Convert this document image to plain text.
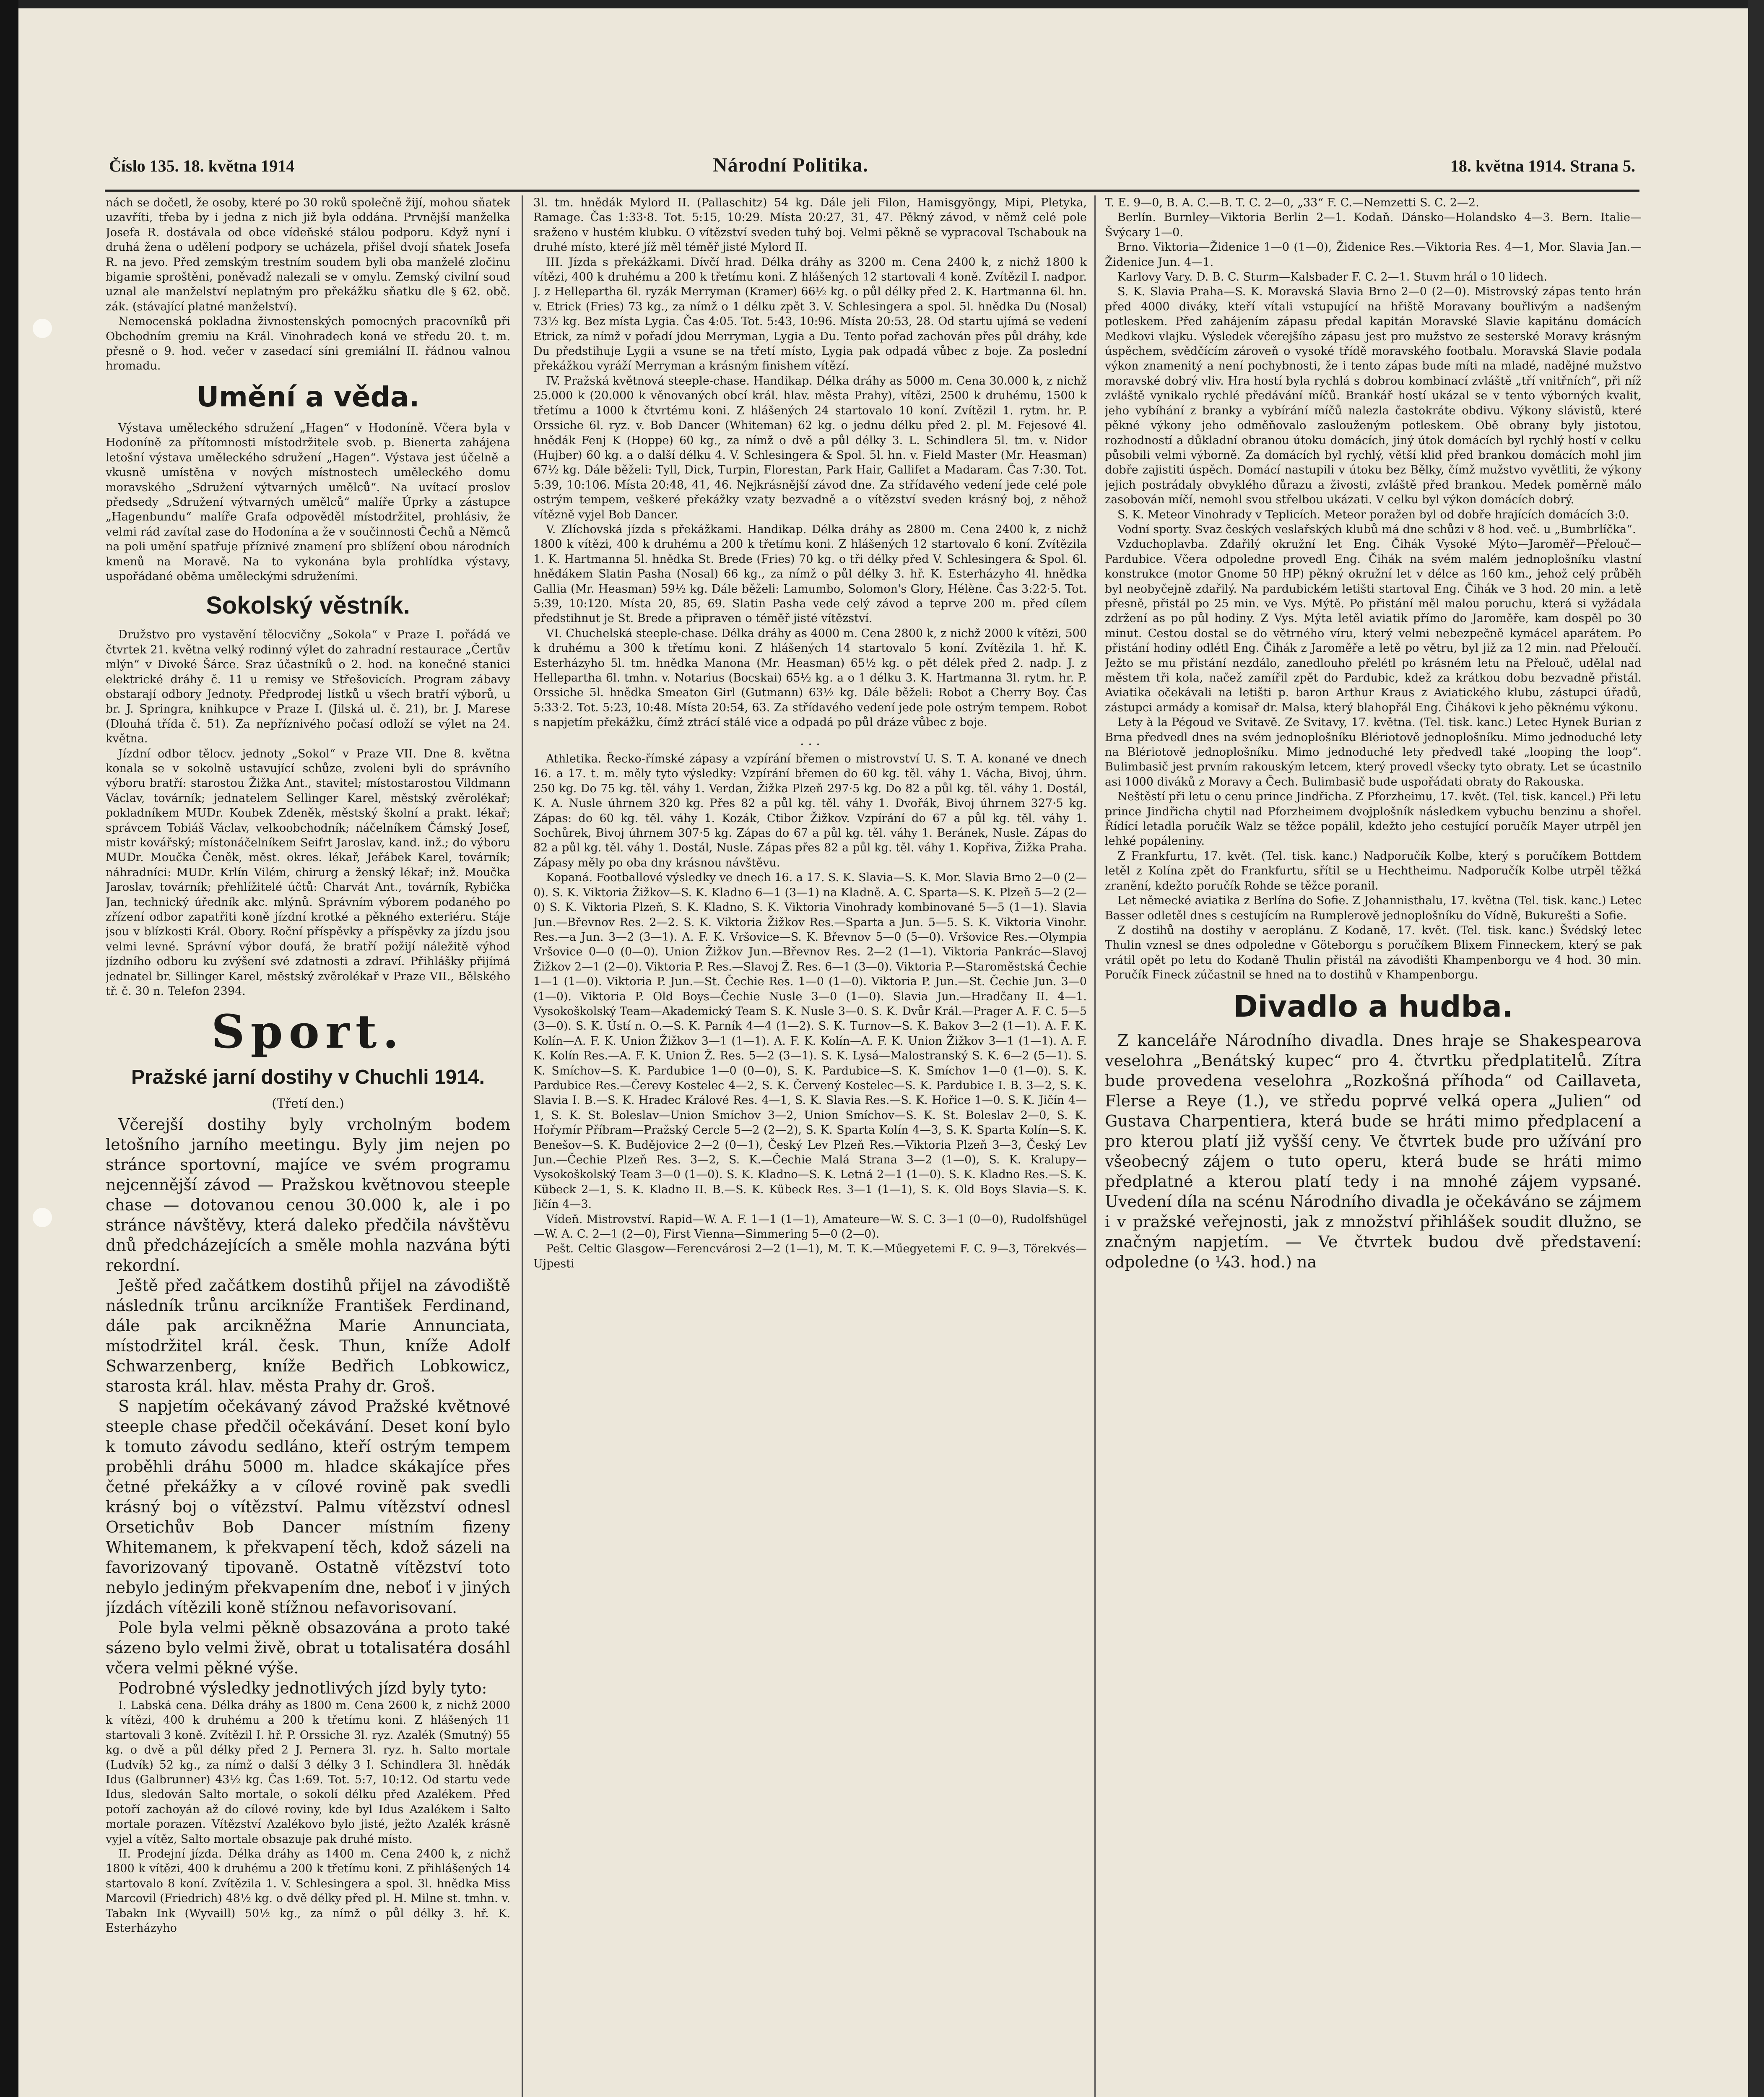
Číslo 135. 18. května 1914	Národní Politika.	18. května 1914. Strana 5.

nách se dočetl, že osoby, které po 30 roků společně žijí, mohou sňatek uzavříti, třeba by i jedna z nich již byla oddána. Prvnější manželka Josefa R. dostávala od obce vídeňské stálou podporu. Když nyní i druhá žena o udělení podpory se ucházela, přišel dvojí sňatek Josefa R. na jevo. Před zemským trestním soudem byli oba manželé zločinu bigamie sproštěni, poněvadž nalezali se v omylu. Zemský civilní soud uznal ale manželství neplatným pro překážku sňatku dle § 62. obč. zák. (stávající platné manželství).

Nemocenská pokladna živnostenských pomocných pracovníků při Obchodním gremiu na Král. Vinohradech koná ve středu 20. t. m. přesně o 9. hod. večer v zasedací síni gremiální II. řádnou valnou hromadu.

Umění a věda.

Výstava uměleckého sdružení „Hagen“ v Hodoníně. Včera byla v Hodoníně za přítomnosti místodržitele svob. p. Bienerta zahájena letošní výstava uměleckého sdružení „Hagen“. Výstava jest účelně a vkusně umístěna v nových místnostech uměleckého domu moravského „Sdružení výtvarných umělců“. Na uvítací proslov předsedy „Sdružení výtvarných umělců“ malíře Úprky a zástupce „Hagenbundu“ malíře Grafa odpověděl místodržitel, prohlásiv, že velmi rád zavítal zase do Hodonína a že v součinnosti Čechů a Němců na poli umění spatřuje příznivé znamení pro sblížení obou národních kmenů na Moravě. Na to vykonána byla prohlídka výstavy, uspořádané oběma uměleckými sdruženími.

Sokolský věstník.

Družstvo pro vystavění tělocvičny „Sokola“ v Praze I. pořádá ve čtvrtek 21. května velký rodinný výlet do zahradní restaurace „Čertův mlýn“ v Divoké Šárce. Sraz účastníků o 2. hod. na konečné stanici elektrické dráhy č. 11 u remisy ve Střešovicích. Program zábavy obstarají odbory Jednoty. Předprodej lístků u všech bratří výborů, u br. J. Springra, knihkupce v Praze I. (Jilská ul. č. 21), br. J. Marese (Dlouhá třída č. 51). Za nepříznivého počasí odloží se výlet na 24. května.

Jízdní odbor tělocv. jednoty „Sokol“ v Praze VII. Dne 8. května konala se v sokolně ustavující schůze, zvoleni byli do správního výboru bratří: starostou Žižka Ant., stavitel; místostarostou Vildmann Václav, továrník; jednatelem Sellinger Karel, městský zvěrolékař; pokladníkem MUDr. Koubek Zdeněk, městský školní a prakt. lékař; správcem Tobiáš Václav, velkoobchodník; náčelníkem Čámský Josef, mistr kovářský; místonáčelníkem Seifrt Jaroslav, kand. inž.; do výboru MUDr. Moučka Čeněk, měst. okres. lékař, Jeřábek Karel, továrník; náhradníci: MUDr. Krlín Vilém, chirurg a ženský lékař; inž. Moučka Jaroslav, továrník; přehlížitelé účtů: Charvát Ant., továrník, Rybička Jan, technický úředník akc. mlýnů. Správním výborem podaného po zřízení odbor zapatřiti koně jízdní krotké a pěkného exteriéru. Stáje jsou v blízkosti Král. Obory. Roční příspěvky a příspěvky za jízdu jsou velmi levné. Správní výbor doufá, že bratří požijí náležitě výhod jízdního odboru ku zvýšení své zdatnosti a zdraví. Přihlášky přijímá jednatel br. Sillinger Karel, městský zvěrolékař v Praze VII., Bělského tř. č. 30 n. Telefon 2394.

Sport.
Pražské jarní dostihy v Chuchli 1914.
(Třetí den.)

Včerejší dostihy byly vrcholným bodem letošního jarního meetingu. Byly jim nejen po stránce sportovní, majíce ve svém programu nejcennější závod — Pražskou květnovou steeple chase — dotovanou cenou 30.000 k, ale i po stránce návštěvy, která daleko předčila návštěvu dnů předcházejících a směle mohla nazvána býti rekordní.

Ještě před začátkem dostihů přijel na závodiště následník trůnu arcikníže František Ferdinand, dále pak arcikněžna Marie Annunciata, místodržitel král. česk. Thun, kníže Adolf Schwarzenberg, kníže Bedřich Lobkowicz, starosta král. hlav. města Prahy dr. Groš.

S napjetím očekávaný závod Pražské květnové steeple chase předčil očekávání. Deset koní bylo k tomuto závodu sedláno, kteří ostrým tempem proběhli dráhu 5000 m. hladce skákajíce přes četné překážky a v cílové rovině pak svedli krásný boj o vítězství. Palmu vítězství odnesl Orsetichův Bob Dancer místním fizeny Whitemanem, k překvapení těch, kdož sázeli na favorizovaný tipovaně. Ostatně vítězství toto nebylo jediným překvapením dne, neboť i v jiných jízdách vítězili koně stížnou nefavorisovaní.

Pole byla velmi pěkně obsazována a proto také sázeno bylo velmi živě, obrat u totalisatéra dosáhl včera velmi pěkné výše.

Podrobné výsledky jednotlivých jízd byly tyto:

I. Labská cena. Délka dráhy as 1800 m. Cena 2600 k, z nichž 2000 k vítězi, 400 k druhému a 200 k třetímu koni. Z hlášených 11 startovali 3 koně. Zvítězil I. hř. P. Orssiche 3l. ryz. Azalék (Smutný) 55 kg. o dvě a půl délky před 2 J. Pernera 3l. ryz. h. Salto mortale (Ludvík) 52 kg., za nímž o další 3 délky 3 I. Schindlera 3l. hnědák Idus (Galbrunner) 43½ kg. Čas 1:69. Tot. 5:7, 10:12. Od startu vede Idus, sledován Salto mortale, o sokolí délku před Azalékem. Před potoří zachoyán až do cílové roviny, kde byl Idus Azalékem i Salto mortale porazen. Vítězství Azalékovo bylo jisté, ježto Azalék krásně vyjel a vítěz, Salto mortale obsazuje pak druhé místo.

II. Prodejní jízda. Délka dráhy as 1400 m. Cena 2400 k, z nichž 1800 k vítězi, 400 k druhému a 200 k třetímu koni. Z přihlášených 14 startovalo 8 koní. Zvítězila 1. V. Schlesingera a spol. 3l. hnědka Miss Marcovil (Friedrich) 48½ kg. o dvě délky před pl. H. Milne st. tmhn. v. Tabakn Ink (Wyvaill) 50½ kg., za nímž o půl délky 3. hř. K. Esterházyho

3l. tm. hnědák Mylord II. (Pallaschitz) 54 kg. Dále jeli Filon, Hamisgyöngy, Mipi, Pletyka, Ramage. Čas 1:33·8. Tot. 5:15, 10:29. Místa 20:27, 31, 47. Pěkný závod, v němž celé pole sraženo v hustém klubku. O vítězství sveden tuhý boj. Velmi pěkně se vypracoval Tschabouk na druhé místo, které jíž měl téměř jisté Mylord II.

III. Jízda s překážkami. Dívčí hrad. Délka dráhy as 3200 m. Cena 2400 k, z nichž 1800 k vítězi, 400 k druhému a 200 k třetímu koni. Z hlášených 12 startovali 4 koně. Zvítězil I. nadpor. J. z Hellepartha 6l. ryzák Merryman (Kramer) 66½ kg. o půl délky před 2. K. Hartmanna 6l. hn. v. Etrick (Fries) 73 kg., za nímž o 1 délku zpět 3. V. Schlesingera a spol. 5l. hnědka Du (Nosal) 73½ kg. Bez místa Lygia. Čas 4:05. Tot. 5:43, 10:96. Místa 20:53, 28. Od startu ujímá se vedení Etrick, za nímž v pořadí jdou Merryman, Lygia a Du. Tento pořad zachován přes půl dráhy, kde Du předstihuje Lygii a vsune se na třetí místo, Lygia pak odpadá vůbec z boje. Za poslední překážkou vyráží Merryman a krásným finishem vítězí.

IV. Pražská květnová steeple-chase. Handikap. Délka dráhy as 5000 m. Cena 30.000 k, z nichž 25.000 k (20.000 k věnovaných obcí král. hlav. města Prahy), vítězi, 2500 k druhému, 1500 k třetímu a 1000 k čtvrtému koni. Z hlášených 24 startovalo 10 koní. Zvítězil 1. rytm. hr. P. Orssiche 6l. ryz. v. Bob Dancer (Whiteman) 62 kg. o jednu délku před 2. pl. M. Fejesové 4l. hnědák Fenj K (Hoppe) 60 kg., za nímž o dvě a půl délky 3. L. Schindlera 5l. tm. v. Nidor (Hujber) 60 kg. a o další délku 4. V. Schlesingera & Spol. 5l. hn. v. Field Master (Mr. Heasman) 67½ kg. Dále běželi: Tyll, Dick, Turpin, Florestan, Park Hair, Gallifet a Madaram. Čas 7:30. Tot. 5:39, 10:106. Místa 20:48, 41, 46. Nejkrásnější závod dne. Za střídavého vedení jede celé pole ostrým tempem, veškeré překážky vzaty bezvadně a o vítězství sveden krásný boj, z něhož vítězně vyjel Bob Dancer.

V. Zlíchovská jízda s překážkami. Handikap. Délka dráhy as 2800 m. Cena 2400 k, z nichž 1800 k vítězi, 400 k druhému a 200 k třetímu koni. Z hlášených 12 startovalo 6 koní. Zvítězila 1. K. Hartmanna 5l. hnědka St. Brede (Fries) 70 kg. o tři délky před V. Schlesingera & Spol. 6l. hnědákem Slatin Pasha (Nosal) 66 kg., za nímž o půl délky 3. hř. K. Esterházyho 4l. hnědka Gallia (Mr. Heasman) 59½ kg. Dále běželi: Lamumbo, Solomon's Glory, Hélène. Čas 3:22·5. Tot. 5:39, 10:120. Místa 20, 85, 69. Slatin Pasha vede celý závod a teprve 200 m. před cílem předstihnut je St. Brede a připraven o téměř jisté vítězství.

VI. Chuchelská steeple-chase. Délka dráhy as 4000 m. Cena 2800 k, z nichž 2000 k vítězi, 500 k druhému a 300 k třetímu koni. Z hlášených 14 startovalo 5 koní. Zvítězila 1. hř. K. Esterházyho 5l. tm. hnědka Manona (Mr. Heasman) 65½ kg. o pět délek před 2. nadp. J. z Hellepartha 6l. tmhn. v. Notarius (Bocskai) 65½ kg. a o 1 délku 3. K. Hartmanna 3l. rytm. hr. P. Orssiche 5l. hnědka Smeaton Girl (Gutmann) 63½ kg. Dále běželi: Robot a Cherry Boy. Čas 5:33·2. Tot. 5:23, 10:48. Místa 20:54, 63. Za střídavého vedení jede pole ostrým tempem. Robot s napjetím překážku, čímž ztrácí stálé vice a odpadá po půl dráze vůbec z boje.

. . .

Athletika. Řecko-římské zápasy a vzpírání břemen o mistrovství U. S. T. A. konané ve dnech 16. a 17. t. m. měly tyto výsledky: Vzpírání břemen do 60 kg. těl. váhy 1. Vácha, Bivoj, úhrn. 250 kg. Do 75 kg. těl. váhy 1. Verdan, Žižka Plzeň 297·5 kg. Do 82 a půl kg. těl. váhy 1. Dostál, K. A. Nusle úhrnem 320 kg. Přes 82 a půl kg. těl. váhy 1. Dvořák, Bivoj úhrnem 327·5 kg. Zápas: do 60 kg. těl. váhy 1. Kozák, Ctibor Žižkov. Vzpírání do 67 a půl kg. těl. váhy 1. Sochůrek, Bivoj úhrnem 307·5 kg. Zápas do 67 a půl kg. těl. váhy 1. Beránek, Nusle. Zápas do 82 a půl kg. těl. váhy 1. Dostál, Nusle. Zápas přes 82 a půl kg. těl. váhy 1. Kopřiva, Žižka Praha. Zápasy měly po oba dny krásnou návštěvu.

Kopaná. Footballové výsledky ve dnech 16. a 17. S. K. Slavia—S. K. Mor. Slavia Brno 2—0 (2—0). S. K. Viktoria Žižkov—S. K. Kladno 6—1 (3—1) na Kladně. A. C. Sparta—S. K. Plzeň 5—2 (2—0) S. K. Viktoria Plzeň, S. K. Kladno, S. K. Viktoria Vinohrady kombinované 5—5 (1—1). Slavia Jun.—Břevnov Res. 2—2. S. K. Viktoria Žižkov Res.—Sparta a Jun. 5—5. S. K. Viktoria Vinohr. Res.—a Jun. 3—2 (3—1). A. F. K. Vršovice—S. K. Břevnov 5—0 (5—0). Vršovice Res.—Olympia Vršovice 0—0 (0—0). Union Žižkov Jun.—Břevnov Res. 2—2 (1—1). Viktoria Pankrác—Slavoj Žižkov 2—1 (2—0). Viktoria P. Res.—Slavoj Ž. Res. 6—1 (3—0). Viktoria P.—Staroměstská Čechie 1—1 (1—0). Viktoria P. Jun.—St. Čechie Res. 1—0 (1—0). Viktoria P. Jun.—St. Čechie Jun. 3—0 (1—0). Viktoria P. Old Boys—Čechie Nusle 3—0 (1—0). Slavia Jun.—Hradčany II. 4—1. Vysokoškolský Team—Akademický Team S. K. Nusle 3—0. S. K. Dvůr Král.—Prager A. F. C. 5—5 (3—0). S. K. Ústí n. O.—S. K. Parník 4—4 (1—2). S. K. Turnov—S. K. Bakov 3—2 (1—1). A. F. K. Kolín—A. F. K. Union Žižkov 3—1 (1—1). A. F. K. Kolín—A. F. K. Union Žižkov 3—1 (1—1). A. F. K. Kolín Res.—A. F. K. Union Ž. Res. 5—2 (3—1). S. K. Lysá—Malostranský S. K. 6—2 (5—1). S. K. Smíchov—S. K. Pardubice 1—0 (0—0), S. K. Pardubice—S. K. Smíchov 1—0 (1—0). S. K. Pardubice Res.—Čerevy Kostelec 4—2, S. K. Červený Kostelec—S. K. Pardubice I. B. 3—2, S. K. Slavia I. B.—S. K. Hradec Králové Res. 4—1, S. K. Slavia Res.—S. K. Hořice 1—0. S. K. Jičín 4—1, S. K. St. Boleslav—Union Smíchov 3—2, Union Smíchov—S. K. St. Boleslav 2—0, S. K. Hořymír Příbram—Pražský Cercle 5—2 (2—2), S. K. Sparta Kolín 4—3, S. K. Sparta Kolín—S. K. Benešov—S. K. Budějovice 2—2 (0—1), Český Lev Plzeň Res.—Viktoria Plzeň 3—3, Český Lev Jun.—Čechie Plzeň Res. 3—2, S. K.—Čechie Malá Strana 3—2 (1—0), S. K. Kralupy—Vysokoškolský Team 3—0 (1—0). S. K. Kladno—S. K. Letná 2—1 (1—0). S. K. Kladno Res.—S. K. Kübeck 2—1, S. K. Kladno II. B.—S. K. Kübeck Res. 3—1 (1—1), S. K. Old Boys Slavia—S. K. Jičín 4—3.

Vídeň. Mistrovství. Rapid—W. A. F. 1—1 (1—1), Amateure—W. S. C. 3—1 (0—0), Rudolfshügel—W. A. C. 2—1 (2—0), First Vienna—Simmering 5—0 (2—0).

Pešt. Celtic Glasgow—Ferencvárosi 2—2 (1—1), M. T. K.—Műegyetemi F. C. 9—3, Törekvés—Ujpesti

T. E. 9—0, B. A. C.—B. T. C. 2—0, „33“ F. C.—Nemzetti S. C. 2—2.

Berlín. Burnley—Viktoria Berlin 2—1. Kodaň. Dánsko—Holandsko 4—3. Bern. Italie—Švýcary 1—0.

Brno. Viktoria—Židenice 1—0 (1—0), Židenice Res.—Viktoria Res. 4—1, Mor. Slavia Jan.—Židenice Jun. 4—1.

Karlovy Vary. D. B. C. Sturm—Kalsbader F. C. 2—1. Stuvm hrál o 10 lidech.

S. K. Slavia Praha—S. K. Moravská Slavia Brno 2—0 (2—0). Mistrovský zápas tento hrán před 4000 diváky, kteří vítali vstupující na hřiště Moravany bouřlivým a nadšeným potleskem. Před zahájením zápasu předal kapitán Moravské Slavie kapitánu domácích Medkovi vlajku. Výsledek včerejšího zápasu jest pro mužstvo ze sesterské Moravy krásným úspěchem, svědčícím zároveň o vysoké třídě moravského footbalu. Moravská Slavie podala výkon znamenitý a není pochybnosti, že i tento zápas bude míti na mladé, nadějné mužstvo moravské dobrý vliv. Hra hostí byla rychlá s dobrou kombinací zvláště „tří vnitřních“, při níž zvláště vynikalo rychlé předávání míčů. Brankář hostí ukázal se v tento výborných kvalit, jeho vybíhání z branky a vybírání míčů nalezla častokráte obdivu. Výkony slávistů, které pěkné výkony jeho odměňovalo zaslouženým potleskem. Obě obrany byly jistotou, rozhodností a důkladní obranou útoku domácích, jiný útok domácích byl rychlý hostí v celku působili velmi výborně. Za domácích byl rychlý, větší klid před brankou domácích mohl jim dobře zajistiti úspěch. Domácí nastupili v útoku bez Bělky, čímž mužstvo vyvětliti, že výkony jejich postrádaly obvyklého důrazu a živosti, zvláště před brankou. Medek poměrně málo zasobován míčí, nemohl svou střelbou ukázati. V celku byl výkon domácích dobrý.

S. K. Meteor Vinohrady v Teplicích. Meteor poražen byl od dobře hrajících domácích 3:0.

Vodní sporty. Svaz českých veslařských klubů má dne schůzi v 8 hod. več. u „Bumbrlíčka“.

Vzduchoplavba. Zdařilý okružní let Eng. Čihák Vysoké Mýto—Jaroměř—Přelouč—Pardubice. Včera odpoledne provedl Eng. Čihák na svém malém jednoplošníku vlastní konstrukce (motor Gnome 50 HP) pěkný okružní let v délce as 160 km., jehož celý průběh byl neobyčejně zdařilý. Na pardubickém letišti startoval Eng. Čihák ve 3 hod. 20 min. a letě přesně, přistál po 25 min. ve Vys. Mýtě. Po přistání měl malou poruchu, která si vyžádala zdržení as po půl hodiny. Z Vys. Mýta letěl aviatik přímo do Jaroměře, kam dospěl po 30 minut. Cestou dostal se do větrného víru, který velmi nebezpečně kymácel aparátem. Po přistání hodiny odlétl Eng. Čihák z Jaroměře a letě po větru, byl již za 12 min. nad Přeloučí. Ježto se mu přistání nezdálo, zanedlouho přelétl po krásném letu na Přelouč, udělal nad městem tři kola, načež zamířil zpět do Pardubic, kdež za krátkou dobu bezvadně přistál. Aviatika očekávali na letišti p. baron Arthur Kraus z Aviatického klubu, zástupci úřadů, zástupci armády a komisař dr. Malsa, který blahopřál Eng. Čihákovi k jeho pěknému výkonu.

Lety à la Pégoud ve Svitavě. Ze Svitavy, 17. května. (Tel. tisk. kanc.) Letec Hynek Burian z Brna předvedl dnes na svém jednoplošníku Blériotově jednoplošníku. Mimo jednoduché lety na Blériotově jednoplošníku. Mimo jednoduché lety předvedl také „looping the loop“. Bulimbasič jest prvním rakouským letcem, který provedl všecky tyto obraty. Let se úcastnilo asi 1000 diváků z Moravy a Čech. Bulimbasič bude uspořádati obraty do Rakouska.

Neštěstí při letu o cenu prince Jindřicha. Z Pforzheimu, 17. květ. (Tel. tisk. kancel.) Při letu prince Jindřicha chytil nad Pforzheimem dvojplošník následkem vybuchu benzinu a shořel. Řídící letadla poručík Walz se těžce popálil, kdežto jeho cestující poručík Mayer utrpěl jen lehké popáleniny.

Z Frankfurtu, 17. květ. (Tel. tisk. kanc.) Nadporučík Kolbe, který s poručíkem Bottdem letěl z Kolína zpět do Frankfurtu, sřítil se u Hechtheimu. Nadporučík Kolbe utrpěl těžká zranění, kdežto poručík Rohde se těžce poranil.

Let německé aviatika z Berlína do Sofie. Z Johannisthalu, 17. května (Tel. tisk. kanc.) Letec Basser odletěl dnes s cestujícím na Rumplerově jednoplošníku do Vídně, Bukurešti a Sofie.

Z dostihů na dostihy v aeroplánu. Z Kodaně, 17. květ. (Tel. tisk. kanc.) Švédský letec Thulin vznesl se dnes odpoledne v Göteborgu s poručíkem Blixem Finneckem, který se pak vrátil opět po letu do Kodaně Thulin přistál na závodišti Khampenborgu ve 4 hod. 30 min. Poručík Fineck zúčastnil se hned na to dostihů v Khampenborgu.

Divadlo a hudba.

Z kanceláře Národního divadla. Dnes hraje se Shakespearova veselohra „Benátský kupec“ pro 4. čtvrtku předplatitelů. Zítra bude provedena veselohra „Rozkošná příhoda“ od Caillaveta, Flerse a Reye (1.), ve středu poprvé velká opera „Julien“ od Gustava Charpentiera, která bude se hráti mimo předplacení a pro kterou platí již vyšší ceny. Ve čtvrtek bude pro užívání pro všeobecný zájem o tuto operu, která bude se hráti mimo předplatné a kterou platí tedy i na mnohé zájem vypsané. Uvedení díla na scénu Národního divadla je očekáváno se zájmem i v pražské veřejnosti, jak z množství přihlášek soudit dlužno, se značným napjetím. — Ve čtvrtek budou dvě představení: odpoledne (o ¼3. hod.) na
